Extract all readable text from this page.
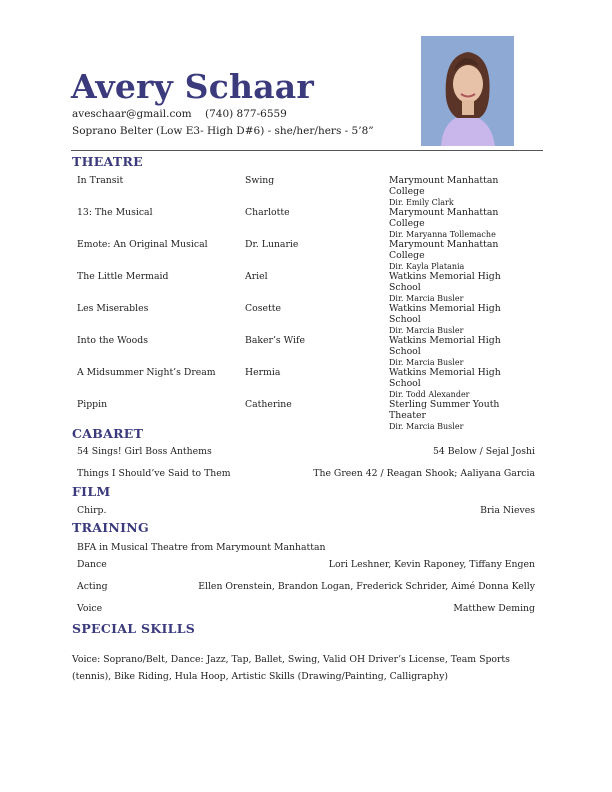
Avery Schaar
aveschaar@gmail.com (740) 877-6559
Soprano Belter (Low E3- High D#6) - she/her/hers - 5’8”
THEATRE
In Transit	Swing	Marymount Manhattan College
Dir. Emily Clark
13: The Musical	Charlotte	Marymount Manhattan College
Dir. Maryanna Tollemache
Emote: An Original Musical	Dr. Lunarie	Marymount Manhattan College
Dir. Kayla Platania
The Little Mermaid	Ariel	Watkins Memorial High School
Dir. Marcia Busler
Les Miserables	Cosette	Watkins Memorial High School
Dir. Marcia Busler
Into the Woods	Baker’s Wife	Watkins Memorial High School
Dir. Marcia Busler
A Midsummer Night’s Dream	Hermia	Watkins Memorial High School
Dir. Todd Alexander
Pippin	Catherine	Sterling Summer Youth Theater
Dir. Marcia Busler
CABARET
54 Sings! Girl Boss Anthems	54 Below / Sejal Joshi
Things I Should’ve Said to Them	The Green 42 / Reagan Shook; Aaliyana Garcia
FILM
Chirp.	Bria Nieves
TRAINING
BFA in Musical Theatre from Marymount Manhattan
Dance	Lori Leshner, Kevin Raponey, Tiffany Engen
Acting	Ellen Orenstein, Brandon Logan, Frederick Schrider, Aimé Donna Kelly
Voice	Matthew Deming
SPECIAL SKILLS
Voice: Soprano/Belt, Dance: Jazz, Tap, Ballet, Swing, Valid OH Driver’s License, Team Sports (tennis), Bike Riding, Hula Hoop, Artistic Skills (Drawing/Painting, Calligraphy)
